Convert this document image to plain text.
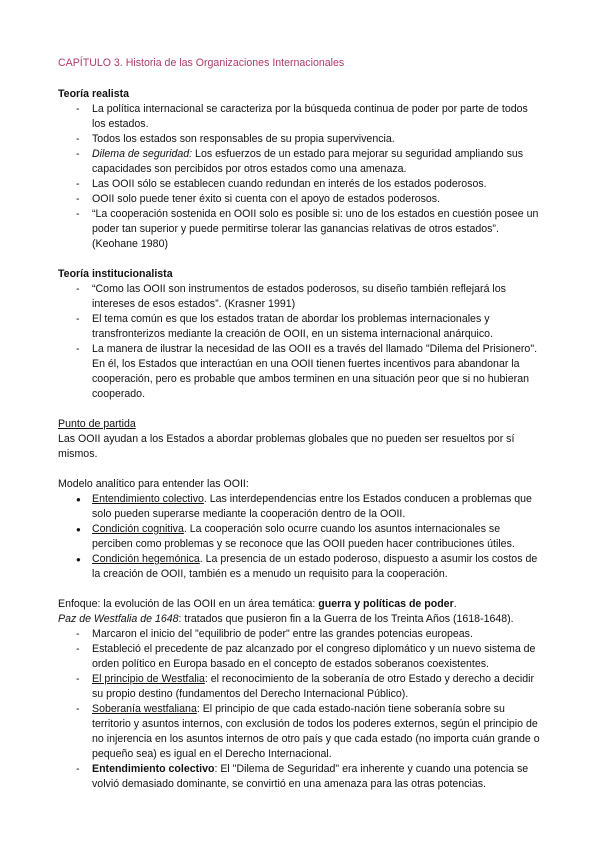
CAPÍTULO 3. Historia de las Organizaciones Internacionales

Teoría realista

- La política internacional se caracteriza por la búsqueda continua de poder por parte de todos los estados.
- Todos los estados son responsables de su propia supervivencia.
- Dilema de seguridad: Los esfuerzos de un estado para mejorar su seguridad ampliando sus capacidades son percibidos por otros estados como una amenaza.
- Las OOII sólo se establecen cuando redundan en interés de los estados poderosos.
- OOII solo puede tener éxito si cuenta con el apoyo de estados poderosos.
- “La cooperación sostenida en OOII solo es posible si: uno de los estados en cuestión posee un poder tan superior y puede permitirse tolerar las ganancias relativas de otros estados”. (Keohane 1980)

Teoría institucionalista

- “Como las OOII son instrumentos de estados poderosos, su diseño también reflejará los intereses de esos estados”. (Krasner 1991)
- El tema común es que los estados tratan de abordar los problemas internacionales y transfronterizos mediante la creación de OOII, en un sistema internacional anárquico.
- La manera de ilustrar la necesidad de las OOII es a través del llamado "Dilema del Prisionero". En él, los Estados que interactúan en una OOII tienen fuertes incentivos para abandonar la cooperación, pero es probable que ambos terminen en una situación peor que si no hubieran cooperado.

Punto de partida

Las OOII ayudan a los Estados a abordar problemas globales que no pueden ser resueltos por sí mismos.

Modelo analítico para entender las OOII:

● Entendimiento colectivo. Las interdependencias entre los Estados conducen a problemas que solo pueden superarse mediante la cooperación dentro de la OOII.
● Condición cognitiva. La cooperación solo ocurre cuando los asuntos internacionales se perciben como problemas y se reconoce que las OOII pueden hacer contribuciones útiles.
● Condición hegemónica. La presencia de un estado poderoso, dispuesto a asumir los costos de la creación de OOII, también es a menudo un requisito para la cooperación.

Enfoque: la evolución de las OOII en un área temática: guerra y políticas de poder.

Paz de Westfalia de 1648: tratados que pusieron fin a la Guerra de los Treinta Años (1618-1648).

- Marcaron el inicio del "equilibrio de poder" entre las grandes potencias europeas.
- Estableció el precedente de paz alcanzado por el congreso diplomático y un nuevo sistema de orden político en Europa basado en el concepto de estados soberanos coexistentes.
- El principio de Westfalia: el reconocimiento de la soberanía de otro Estado y derecho a decidir su propio destino (fundamentos del Derecho Internacional Público).
- Soberanía westfaliana: El principio de que cada estado-nación tiene soberanía sobre su territorio y asuntos internos, con exclusión de todos los poderes externos, según el principio de no injerencia en los asuntos internos de otro país y que cada estado (no importa cuán grande o pequeño sea) es igual en el Derecho Internacional.
- Entendimiento colectivo: El "Dilema de Seguridad" era inherente y cuando una potencia se volvió demasiado dominante, se convirtió en una amenaza para las otras potencias.
